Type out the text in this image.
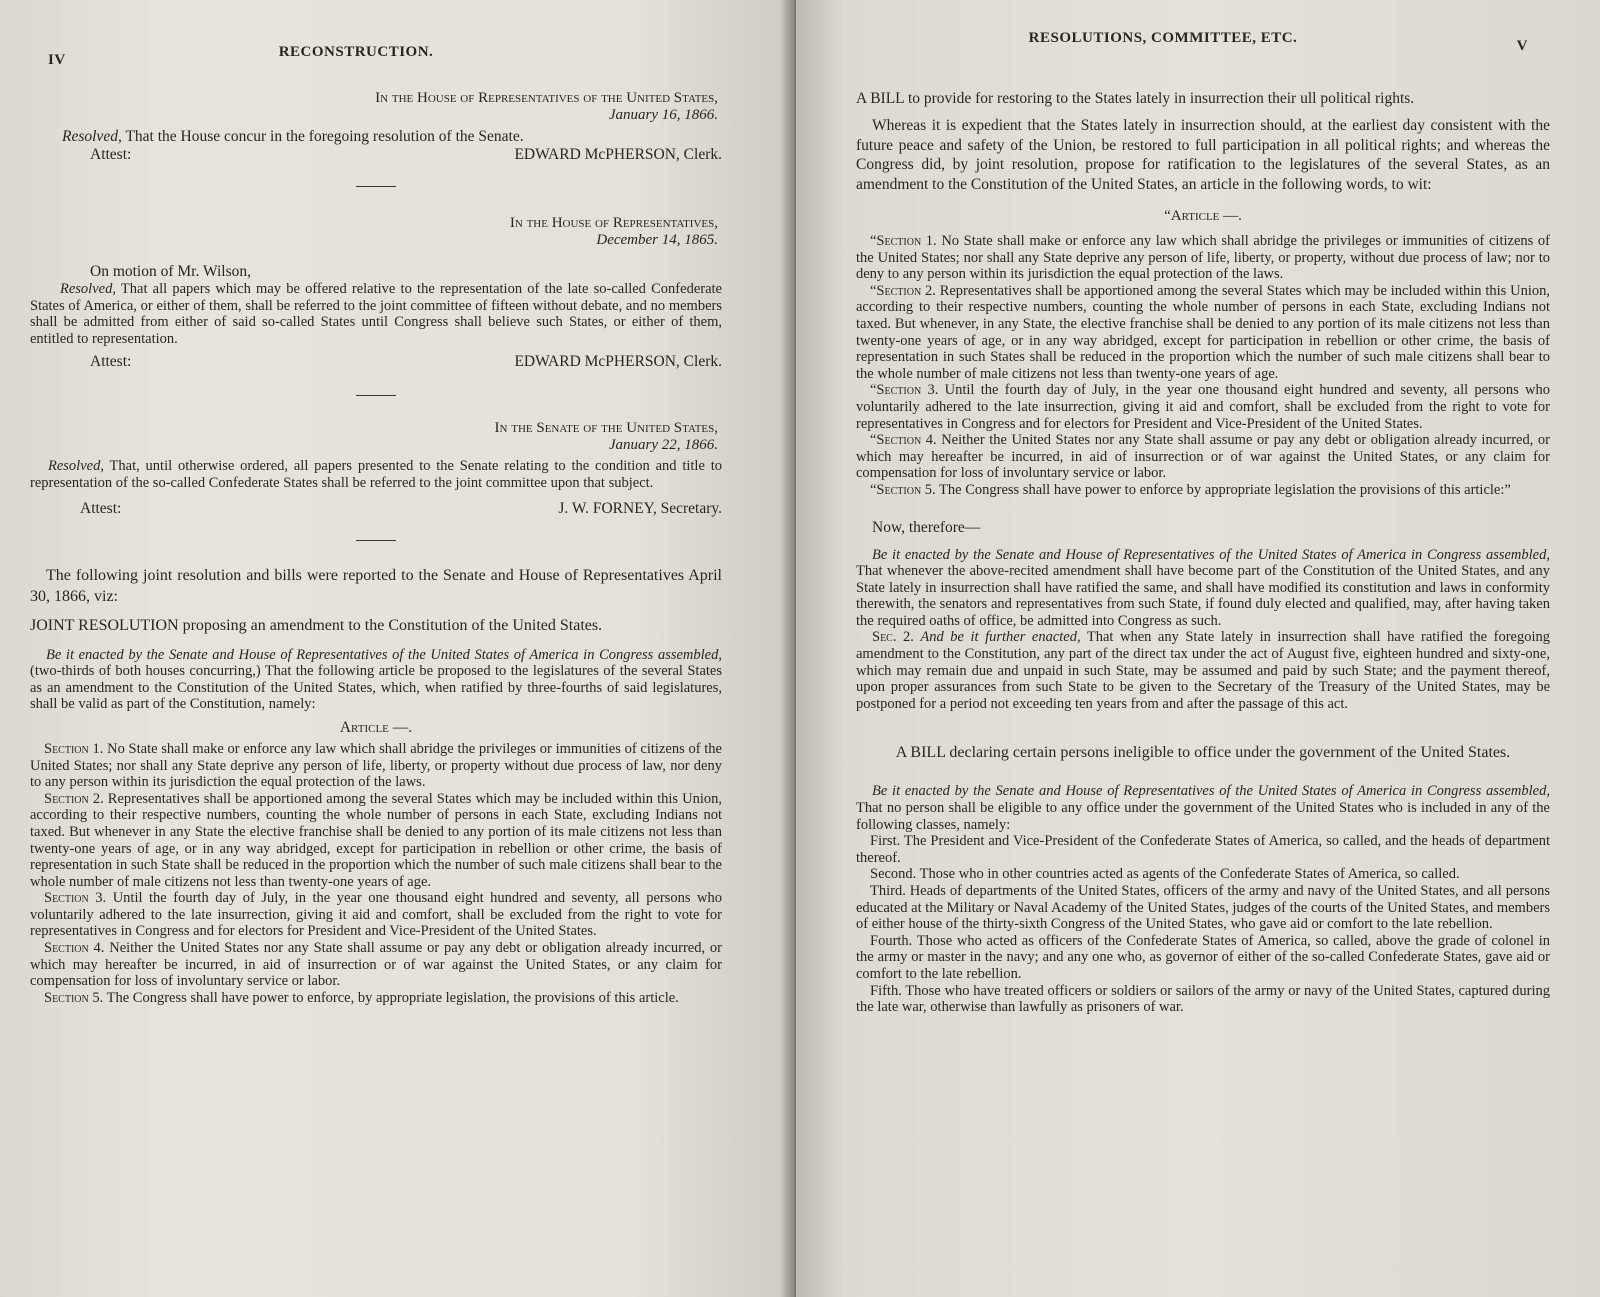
IV	RECONSTRUCTION.

In the House of Representatives of the United States,

January 16, 1866.

Resolved, That the House concur in the foregoing resolution of the Senate.

Attest:	EDWARD McPHERSON, Clerk.

In the House of Representatives,

December 14, 1865.

On motion of Mr. Wilson,

Resolved, That all papers which may be offered relative to the representation of the late so-called Confederate States of America, or either of them, shall be referred to the joint committee of fifteen without debate, and no members shall be admitted from either of said so-called States until Congress shall believe such States, or either of them, entitled to representation.

Attest:	EDWARD McPHERSON, Clerk.

In the Senate of the United States,

January 22, 1866.

Resolved, That, until otherwise ordered, all papers presented to the Senate relating to the condition and title to representation of the so-called Confederate States shall be referred to the joint committee upon that subject.

Attest:	J. W. FORNEY, Secretary.

The following joint resolution and bills were reported to the Senate and House of Representatives April 30, 1866, viz:

JOINT RESOLUTION proposing an amendment to the Constitution of the United States.

Be it enacted by the Senate and House of Representatives of the United States of America in Congress assembled, (two-thirds of both houses concurring,) That the following article be proposed to the legislatures of the several States as an amendment to the Constitution of the United States, which, when ratified by three-fourths of said legislatures, shall be valid as part of the Constitution, namely:

Article —.

Section 1. No State shall make or enforce any law which shall abridge the privileges or immunities of citizens of the United States; nor shall any State deprive any person of life, liberty, or property without due process of law, nor deny to any person within its jurisdiction the equal protection of the laws.

Section 2. Representatives shall be apportioned among the several States which may be included within this Union, according to their respective numbers, counting the whole number of persons in each State, excluding Indians not taxed. But whenever in any State the elective franchise shall be denied to any portion of its male citizens not less than twenty-one years of age, or in any way abridged, except for participation in rebellion or other crime, the basis of representation in such State shall be reduced in the proportion which the number of such male citizens shall bear to the whole number of male citizens not less than twenty-one years of age.

Section 3. Until the fourth day of July, in the year one thousand eight hundred and seventy, all persons who voluntarily adhered to the late insurrection, giving it aid and comfort, shall be excluded from the right to vote for representatives in Congress and for electors for President and Vice-President of the United States.

Section 4. Neither the United States nor any State shall assume or pay any debt or obligation already incurred, or which may hereafter be incurred, in aid of insurrection or of war against the United States, or any claim for compensation for loss of involuntary service or labor.

Section 5. The Congress shall have power to enforce, by appropriate legislation, the provisions of this article.

RESOLUTIONS, COMMITTEE, ETC.	V

A BILL to provide for restoring to the States lately in insurrection their ull political rights.

Whereas it is expedient that the States lately in insurrection should, at the earliest day consistent with the future peace and safety of the Union, be restored to full participation in all political rights; and whereas the Congress did, by joint resolution, propose for ratification to the legislatures of the several States, as an amendment to the Constitution of the United States, an article in the following words, to wit:

“Article —.

“Section 1. No State shall make or enforce any law which shall abridge the privileges or immunities of citizens of the United States; nor shall any State deprive any person of life, liberty, or property, without due process of law; nor to deny to any person within its jurisdiction the equal protection of the laws.

“Section 2. Representatives shall be apportioned among the several States which may be included within this Union, according to their respective numbers, counting the whole number of persons in each State, excluding Indians not taxed. But whenever, in any State, the elective franchise shall be denied to any portion of its male citizens not less than twenty-one years of age, or in any way abridged, except for participation in rebellion or other crime, the basis of representation in such States shall be reduced in the proportion which the number of such male citizens shall bear to the whole number of male citizens not less than twenty-one years of age.

“Section 3. Until the fourth day of July, in the year one thousand eight hundred and seventy, all persons who voluntarily adhered to the late insurrection, giving it aid and comfort, shall be excluded from the right to vote for representatives in Congress and for electors for President and Vice-President of the United States.

“Section 4. Neither the United States nor any State shall assume or pay any debt or obligation already incurred, or which may hereafter be incurred, in aid of insurrection or of war against the United States, or any claim for compensation for loss of involuntary service or labor.

“Section 5. The Congress shall have power to enforce by appropriate legislation the provisions of this article:”

Now, therefore—

Be it enacted by the Senate and House of Representatives of the United States of America in Congress assembled, That whenever the above-recited amendment shall have become part of the Constitution of the United States, and any State lately in insurrection shall have ratified the same, and shall have modified its constitution and laws in conformity therewith, the senators and representatives from such State, if found duly elected and qualified, may, after having taken the required oaths of office, be admitted into Congress as such.

Sec. 2. And be it further enacted, That when any State lately in insurrection shall have ratified the foregoing amendment to the Constitution, any part of the direct tax under the act of August five, eighteen hundred and sixty-one, which may remain due and unpaid in such State, may be assumed and paid by such State; and the payment thereof, upon proper assurances from such State to be given to the Secretary of the Treasury of the United States, may be postponed for a period not exceeding ten years from and after the passage of this act.

A BILL declaring certain persons ineligible to office under the government of the United States.

Be it enacted by the Senate and House of Representatives of the United States of America in Congress assembled, That no person shall be eligible to any office under the government of the United States who is included in any of the following classes, namely:

First. The President and Vice-President of the Confederate States of America, so called, and the heads of department thereof.

Second. Those who in other countries acted as agents of the Confederate States of America, so called.

Third. Heads of departments of the United States, officers of the army and navy of the United States, and all persons educated at the Military or Naval Academy of the United States, judges of the courts of the United States, and members of either house of the thirty-sixth Congress of the United States, who gave aid or comfort to the late rebellion.

Fourth. Those who acted as officers of the Confederate States of America, so called, above the grade of colonel in the army or master in the navy; and any one who, as governor of either of the so-called Confederate States, gave aid or comfort to the late rebellion.

Fifth. Those who have treated officers or soldiers or sailors of the army or navy of the United States, captured during the late war, otherwise than lawfully as prisoners of war.
